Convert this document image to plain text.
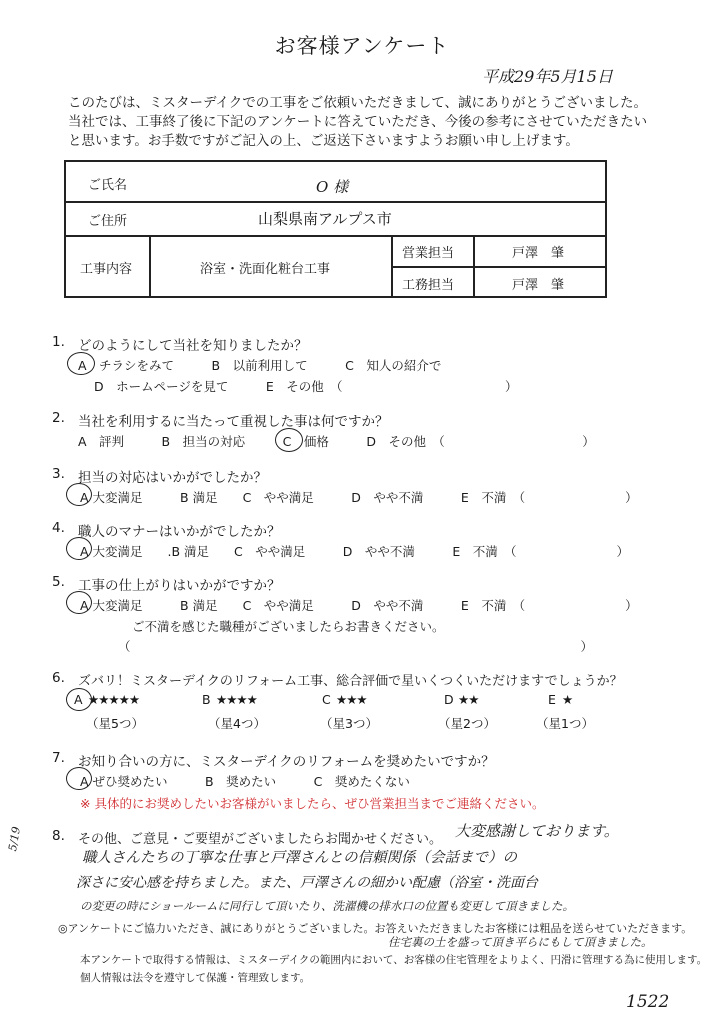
お客様アンケート
平成29年5月15日
このたびは、ミスターデイクでの工事をご依頼いただきまして、誠にありがとうございました。
当社では、工事終了後に下記のアンケートに答えていただき、今後の参考にさせていただきたい
と思います。お手数ですがご記入の上、ご返送下さいますようお願い申し上げます。
ご氏名	O 様
ご住所	山梨県南アルプス市
工事内容	浴室・洗面化粧台工事
営業担当	戸澤　肇
工務担当	戸澤　肇
1. どのようにして当社を知りましたか？
A　チラシをみて　　　B　以前利用して　　　C　知人の紹介で
D　ホームページを見て　　　E　その他　（　　　　　　　　　　　　　）
2. 当社を利用するに当たって重視した事は何ですか？
A　評判　　　B　担当の対応　　　C　価格　　　D　その他　（　　　　　　　　　　　）
3. 担当の対応はいかがでしたか？
A 大変満足　　　B 満足　　C　やや満足　　　D　やや不満　　　E　不満　（　　　　　　　　）
4. 職人のマナーはいかがでしたか？
A 大変満足　　.B 満足　　C　やや満足　　　D　やや不満　　　E　不満　（　　　　　　　　）
5. 工事の仕上がりはいかがですか？
A 大変満足　　　B 満足　　C　やや満足　　　D　やや不満　　　E　不満　（　　　　　　　　）
ご不満を感じた職種がございましたらお書きください。
（　　　　　　　　　　　　　　　　　　　　　　　　　　　　　　　　　　　　）
6. ズバリ！ミスターデイクのリフォーム工事、総合評価で星いくつくいただけますでしょうか？
A ★★★★★
（星5つ）
B ★★★★
（星4つ）
C ★★★
（星3つ）
D ★★
（星2つ）
E ★
（星1つ）
7. お知り合いの方に、ミスターデイクのリフォームを奨めたいですか？
A ぜひ奨めたい　　　B　奨めたい　　　C　奨めたくない
※ 具体的にお奨めしたいお客様がいましたら、ぜひ営業担当までご連絡ください。
8. その他、ご意見・ご要望がございましたらお聞かせください。 大変感謝しております。
職人さんたちの丁寧な仕事と戸澤さんとの信頼関係（会話まで）の
深さに安心感を持ちました。また、戸澤さんの細かい配慮（浴室・洗面台
の変更の時にショールームに同行して頂いたり、洗濯機の排水口の位置も変更して頂きました。
住宅裏の土を盛って頂き平らにもして頂きました。
5/19
◎アンケートにご協力いただき、誠にありがとうございました。お答えいただきましたお客様には粗品を送らせていただきます。
本アンケートで取得する情報は、ミスターデイクの範囲内において、お客様の住宅管理をよりよく、円滑に管理する為に使用します。
個人情報は法令を遵守して保護・管理致します。
1522
